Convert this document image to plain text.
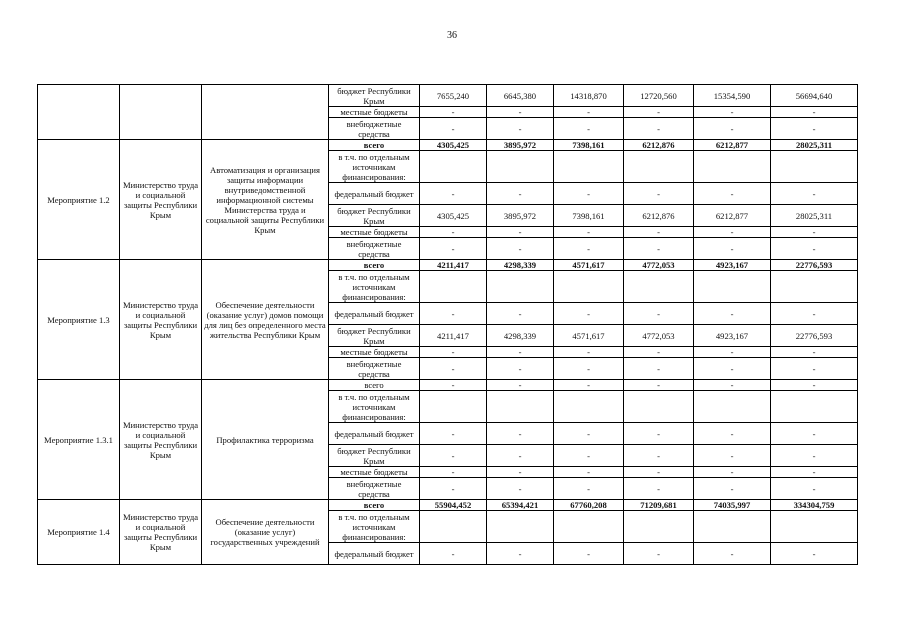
36
			бюджет Республики Крым	7655,240	6645,380	14318,870	12720,560	15354,590	56694,640
			местные бюджеты	-	-	-	-	-	-
			внебюджетные средства	-	-	-	-	-	-
Мероприятие 1.2	Министерство труда и социальной защиты Республики Крым	Автоматизация и организация защиты информации внутриведомственной информационной системы Министерства труда и социальной защиты Республики Крым	всего	4305,425	3895,972	7398,161	6212,876	6212,877	28025,311
			в т.ч. по отдельным источникам финансирования:						
			федеральный бюджет	-	-	-	-	-	-
			бюджет Республики Крым	4305,425	3895,972	7398,161	6212,876	6212,877	28025,311
			местные бюджеты	-	-	-	-	-	-
			внебюджетные средства	-	-	-	-	-	-
Мероприятие 1.3	Министерство труда и социальной защиты Республики Крым	Обеспечение деятельности (оказание услуг) домов помощи для лиц без определенного места жительства Республики Крым	всего	4211,417	4298,339	4571,617	4772,053	4923,167	22776,593
			в т.ч. по отдельным источникам финансирования:						
			федеральный бюджет	-	-	-	-	-	-
			бюджет Республики Крым	4211,417	4298,339	4571,617	4772,053	4923,167	22776,593
			местные бюджеты	-	-	-	-	-	-
			внебюджетные средства	-	-	-	-	-	-
Мероприятие 1.3.1	Министерство труда и социальной защиты Республики Крым	Профилактика терроризма	всего	-	-	-	-	-	-
			в т.ч. по отдельным источникам финансирования:						
			федеральный бюджет	-	-	-	-	-	-
			бюджет Республики Крым	-	-	-	-	-	-
			местные бюджеты	-	-	-	-	-	-
			внебюджетные средства	-	-	-	-	-	-
Мероприятие 1.4	Министерство труда и социальной защиты Республики Крым	Обеспечение деятельности (оказание услуг) государственных учреждений	всего	55904,452	65394,421	67760,208	71209,681	74035,997	334304,759
			в т.ч. по отдельным источникам финансирования:						
			федеральный бюджет	-	-	-	-	-	-
